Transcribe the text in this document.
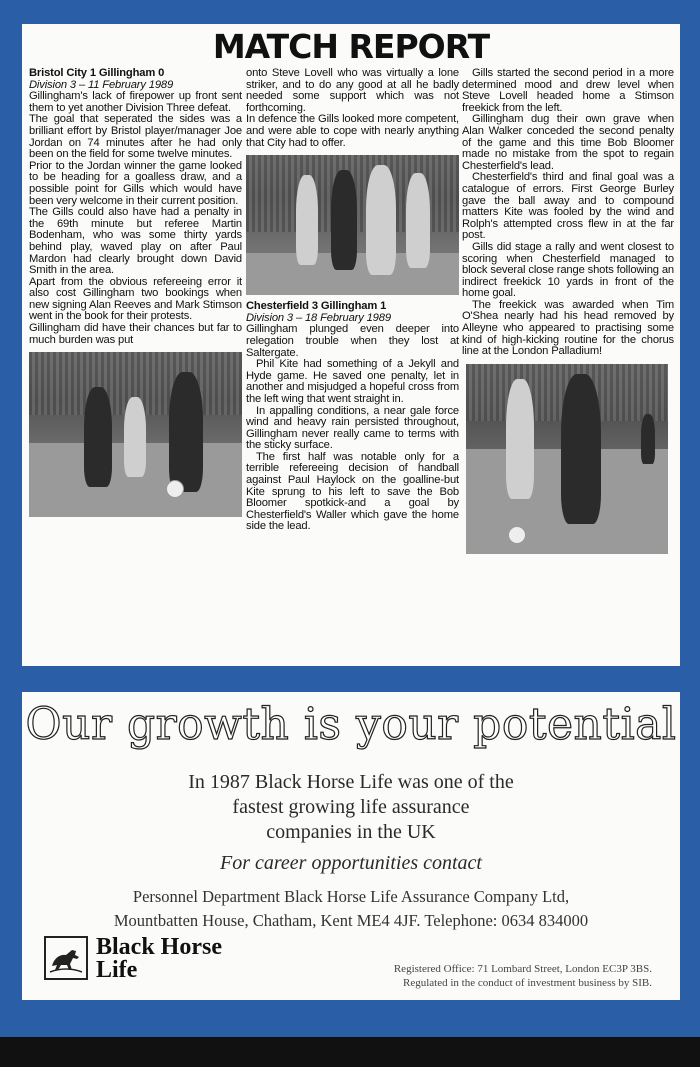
MATCH REPORT

Bristol City 1 Gillingham 0

Division 3 – 11 February 1989

Gillingham's lack of firepower up front sent them to yet another Division Three defeat.

The goal that seperated the sides was a brilliant effort by Bristol player/manager Joe Jordan on 74 minutes after he had only been on the field for some twelve minutes.

Prior to the Jordan winner the game looked to be heading for a goalless draw, and a possible point for Gills which would have been very welcome in their current position.

The Gills could also have had a penalty in the 69th minute but referee Martin Bodenham, who was some thirty yards behind play, waved play on after Paul Mardon had clearly brought down David Smith in the area.

Apart from the obvious refereeing error it also cost Gillingham two bookings when new signing Alan Reeves and Mark Stimson went in the book for their protests.

Gillingham did have their chances but far to much burden was put

onto Steve Lovell who was virtually a lone striker, and to do any good at all he badly needed some support which was not forthcoming.

In defence the Gills looked more competent, and were able to cope with nearly anything that City had to offer.

Chesterfield 3 Gillingham 1

Division 3 – 18 February 1989

Gillingham plunged even deeper into relegation trouble when they lost at Saltergate.

Phil Kite had something of a Jekyll and Hyde game. He saved one penalty, let in another and misjudged a hopeful cross from the left wing that went straight in.

In appalling conditions, a near gale force wind and heavy rain persisted throughout, Gillingham never really came to terms with the sticky surface.

The first half was notable only for a terrible refereeing decision of handball against Paul Haylock on the goalline-but Kite sprung to his left to save the Bob Bloomer spotkick-and a goal by Chesterfield's Waller which gave the home side the lead.

Gills started the second period in a more determined mood and drew level when Steve Lovell headed home a Stimson freekick from the left.

Gillingham dug their own grave when Alan Walker conceded the second penalty of the game and this time Bob Bloomer made no mistake from the spot to regain Chesterfield's lead.

Chesterfield's third and final goal was a catalogue of errors. First George Burley gave the ball away and to compound matters Kite was fooled by the wind and Rolph's attempted cross flew in at the far post.

Gills did stage a rally and went closest to scoring when Chesterfield managed to block several close range shots following an indirect freekick 10 yards in front of the home goal.

The freekick was awarded when Tim O'Shea nearly had his head removed by Alleyne who appeared to practising some kind of high-kicking routine for the chorus line at the London Palladium!

Our growth is your potential
In 1987 Black Horse Life was one of the
fastest growing life assurance
companies in the UK
For career opportunities contact
Personnel Department Black Horse Life Assurance Company Ltd,
Mountbatten House, Chatham, Kent ME4 4JF. Telephone: 0634 834000
Black Horse
Life	Registered Office: 71 Lombard Street, London EC3P 3BS.
Regulated in the conduct of investment business by SIB.
